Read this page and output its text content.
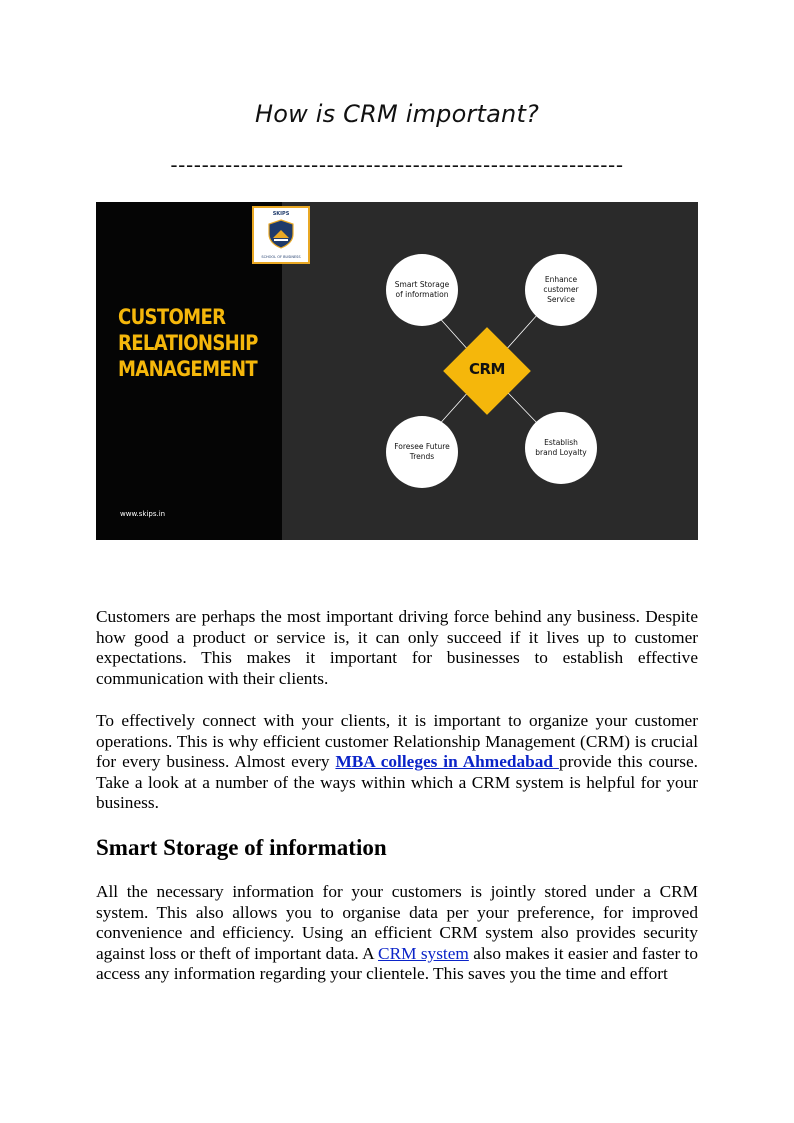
How is CRM important?
----------------------------------------------------------
SKIPS
SCHOOL OF BUSINESS
CUSTOMER
RELATIONSHIP
MANAGEMENT
www.skips.in
Smart Storage of information
Enhance customer Service
Foresee Future Trends
Establish brand Loyalty
CRM

Customers are perhaps the most important driving force behind any business. Despite how good a product or service is, it can only succeed if it lives up to customer expectations. This makes it important for businesses to establish effective communication with their clients.

To effectively connect with your clients, it is important to organize your customer operations. This is why efficient customer Relationship Management (CRM) is crucial for every business. Almost every MBA colleges in Ahmedabad provide this course. Take a look at a number of the ways within which a CRM system is helpful for your business.

Smart Storage of information

All the necessary information for your customers is jointly stored under a CRM system. This also allows you to organise data per your preference, for improved convenience and efficiency. Using an efficient CRM system also provides security against loss or theft of important data. A CRM system also makes it easier and faster to access any information regarding your clientele. This saves you the time and effort
